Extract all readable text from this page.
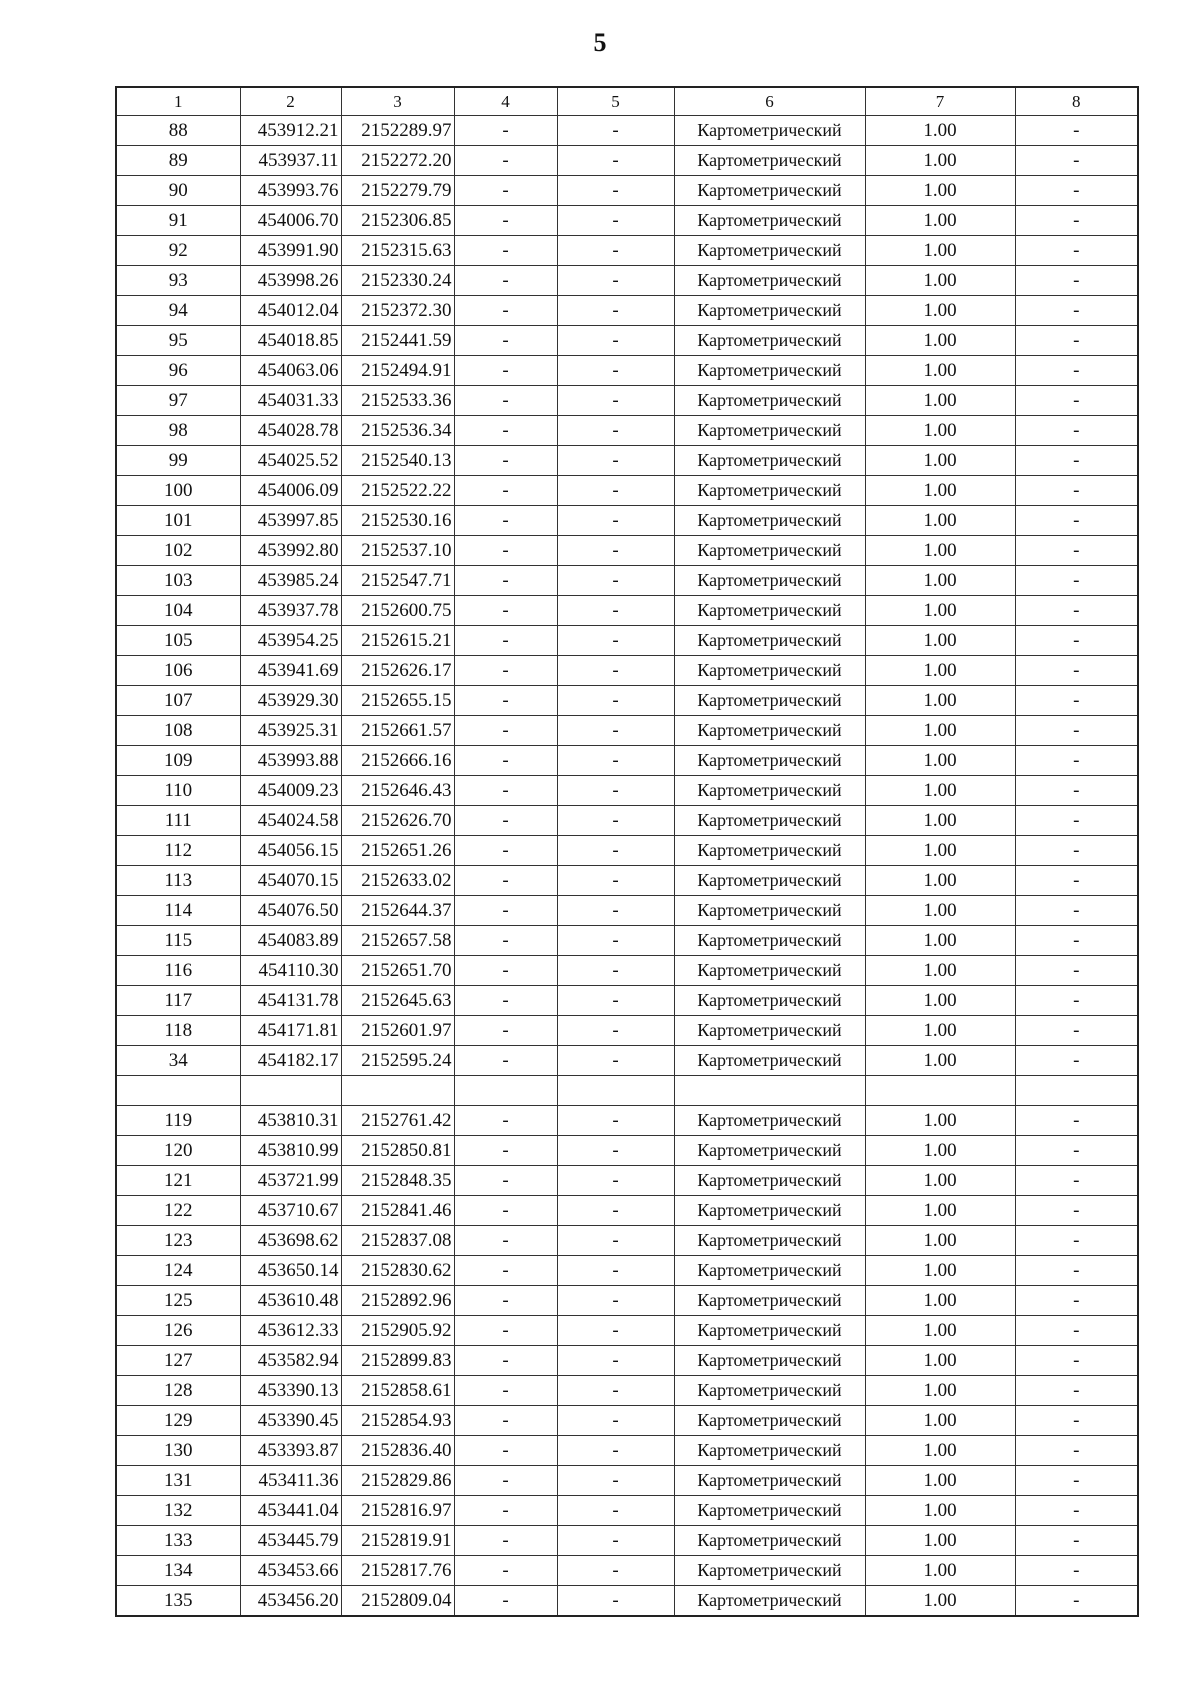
5
1	2	3	4	5	6	7	8
88	453912.21	2152289.97	-	-	Картометрический	1.00	-
89	453937.11	2152272.20	-	-	Картометрический	1.00	-
90	453993.76	2152279.79	-	-	Картометрический	1.00	-
91	454006.70	2152306.85	-	-	Картометрический	1.00	-
92	453991.90	2152315.63	-	-	Картометрический	1.00	-
93	453998.26	2152330.24	-	-	Картометрический	1.00	-
94	454012.04	2152372.30	-	-	Картометрический	1.00	-
95	454018.85	2152441.59	-	-	Картометрический	1.00	-
96	454063.06	2152494.91	-	-	Картометрический	1.00	-
97	454031.33	2152533.36	-	-	Картометрический	1.00	-
98	454028.78	2152536.34	-	-	Картометрический	1.00	-
99	454025.52	2152540.13	-	-	Картометрический	1.00	-
100	454006.09	2152522.22	-	-	Картометрический	1.00	-
101	453997.85	2152530.16	-	-	Картометрический	1.00	-
102	453992.80	2152537.10	-	-	Картометрический	1.00	-
103	453985.24	2152547.71	-	-	Картометрический	1.00	-
104	453937.78	2152600.75	-	-	Картометрический	1.00	-
105	453954.25	2152615.21	-	-	Картометрический	1.00	-
106	453941.69	2152626.17	-	-	Картометрический	1.00	-
107	453929.30	2152655.15	-	-	Картометрический	1.00	-
108	453925.31	2152661.57	-	-	Картометрический	1.00	-
109	453993.88	2152666.16	-	-	Картометрический	1.00	-
110	454009.23	2152646.43	-	-	Картометрический	1.00	-
111	454024.58	2152626.70	-	-	Картометрический	1.00	-
112	454056.15	2152651.26	-	-	Картометрический	1.00	-
113	454070.15	2152633.02	-	-	Картометрический	1.00	-
114	454076.50	2152644.37	-	-	Картометрический	1.00	-
115	454083.89	2152657.58	-	-	Картометрический	1.00	-
116	454110.30	2152651.70	-	-	Картометрический	1.00	-
117	454131.78	2152645.63	-	-	Картометрический	1.00	-
118	454171.81	2152601.97	-	-	Картометрический	1.00	-
34	454182.17	2152595.24	-	-	Картометрический	1.00	-

119	453810.31	2152761.42	-	-	Картометрический	1.00	-
120	453810.99	2152850.81	-	-	Картометрический	1.00	-
121	453721.99	2152848.35	-	-	Картометрический	1.00	-
122	453710.67	2152841.46	-	-	Картометрический	1.00	-
123	453698.62	2152837.08	-	-	Картометрический	1.00	-
124	453650.14	2152830.62	-	-	Картометрический	1.00	-
125	453610.48	2152892.96	-	-	Картометрический	1.00	-
126	453612.33	2152905.92	-	-	Картометрический	1.00	-
127	453582.94	2152899.83	-	-	Картометрический	1.00	-
128	453390.13	2152858.61	-	-	Картометрический	1.00	-
129	453390.45	2152854.93	-	-	Картометрический	1.00	-
130	453393.87	2152836.40	-	-	Картометрический	1.00	-
131	453411.36	2152829.86	-	-	Картометрический	1.00	-
132	453441.04	2152816.97	-	-	Картометрический	1.00	-
133	453445.79	2152819.91	-	-	Картометрический	1.00	-
134	453453.66	2152817.76	-	-	Картометрический	1.00	-
135	453456.20	2152809.04	-	-	Картометрический	1.00	-
